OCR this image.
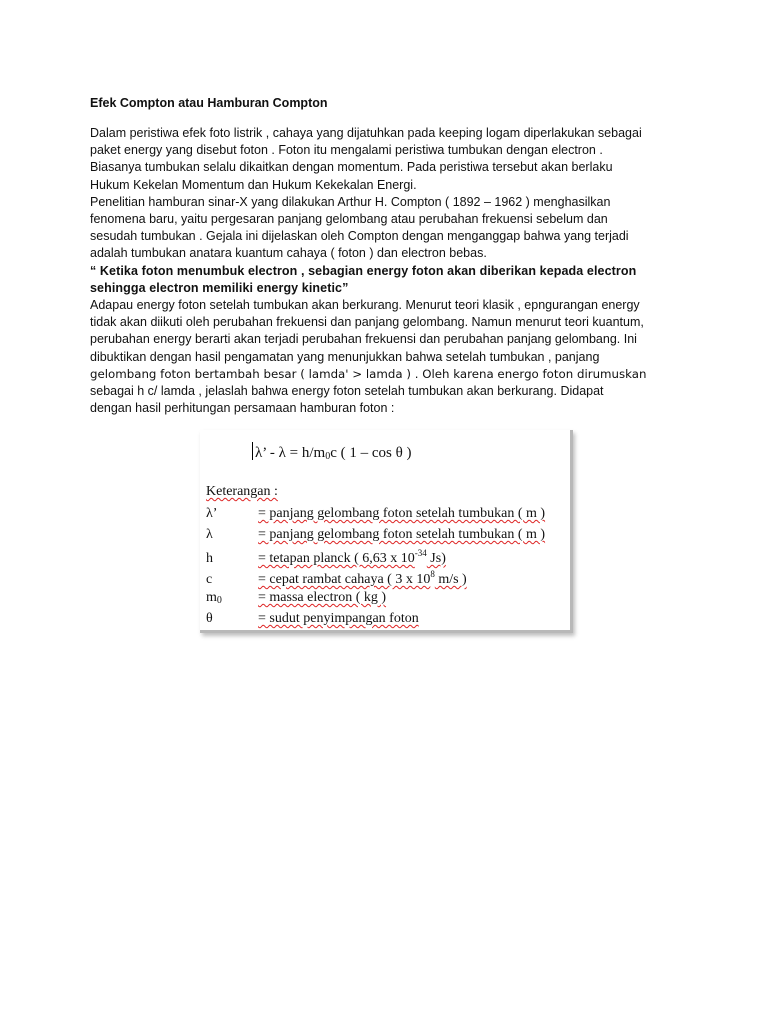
Efek Compton atau Hamburan Compton

Dalam peristiwa efek foto listrik , cahaya yang dijatuhkan pada keeping logam diperlakukan sebagai
paket energy yang disebut foton . Foton itu mengalami peristiwa tumbukan dengan electron .
Biasanya tumbukan selalu dikaitkan dengan momentum. Pada peristiwa tersebut akan berlaku
Hukum Kekelan Momentum dan Hukum Kekekalan Energi.

Penelitian hamburan sinar-X yang dilakukan Arthur H. Compton ( 1892 – 1962 ) menghasilkan
fenomena baru, yaitu pergesaran panjang gelombang atau perubahan frekuensi sebelum dan
sesudah tumbukan . Gejala ini dijelaskan oleh Compton dengan menganggap bahwa yang terjadi
adalah tumbukan anatara kuantum cahaya ( foton ) dan electron bebas.

“ Ketika foton menumbuk electron , sebagian energy foton akan diberikan kepada electron
sehingga electron memiliki energy kinetic”

Adapau energy foton setelah tumbukan akan berkurang. Menurut teori klasik , epngurangan energy
tidak akan diikuti oleh perubahan frekuensi dan panjang gelombang. Namun menurut teori kuantum,
perubahan energy berarti akan terjadi perubahan frekuensi dan perubahan panjang gelombang. Ini
dibuktikan dengan hasil pengamatan yang menunjukkan bahwa setelah tumbukan , panjang

gelombang foton bertambah besar ( lamda' > lamda ) . Oleh karena energo foton dirumuskan

sebagai h c/ lamda , jelaslah bahwa energy foton setelah tumbukan akan berkurang. Didapat
dengan hasil perhitungan persamaan hamburan foton :

λ’ - $\lambda = h/m_0c$ ( 1 – cos θ )
Keterangan :
λ’	= panjang gelombang foton setelah tumbukan ( m )
λ	= panjang gelombang foton setelah tumbukan ( m )
h	= tetapan planck ( 6,63 x $10^{-34}$ Js)
c	= cepat rambat cahaya ( 3 x $10^8$ m/s )
$m_0$	= massa electron ( kg )
θ	= sudut penyimpangan foton
